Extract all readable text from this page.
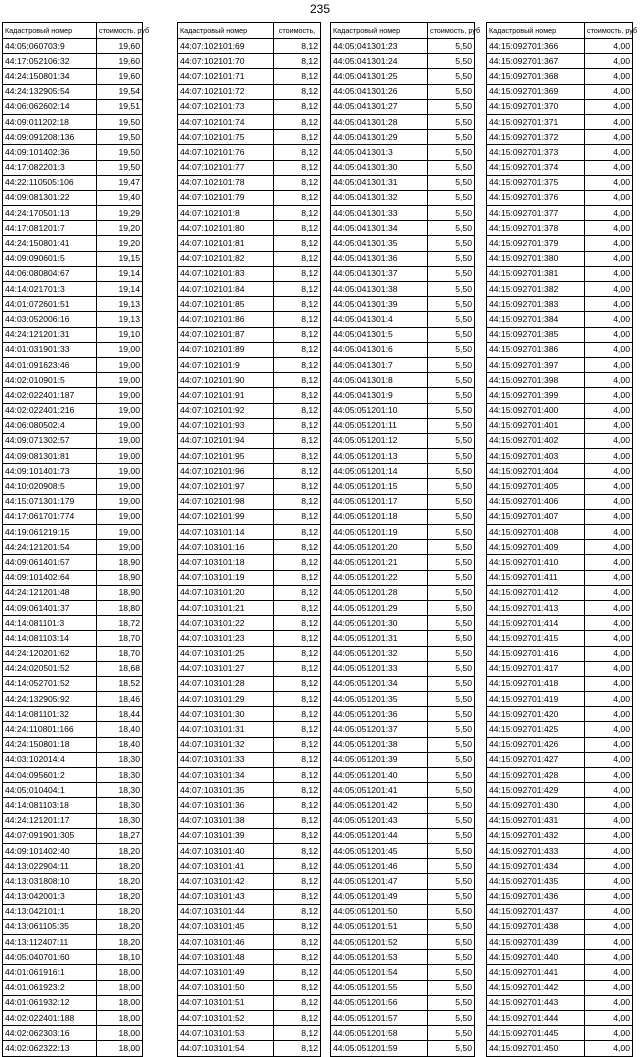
235
Кадастровый номер	стоимость, руб
44:05:060703:9	19,60
44:17:052106:32	19,60
44:24:150801:34	19,60
44:24:132905:54	19,54
44:06:062602:14	19,51
44:09:011202:18	19,50
44:09:091208:136	19,50
44:09:101402:36	19,50
44:17:082201:3	19,50
44:22:110505:106	19,47
44:09:081301:22	19,40
44:24:170501:13	19,29
44:17:081201:7	19,20
44:24:150801:41	19,20
44:09:090601:5	19,15
44:06:080804:67	19,14
44:14:021701:3	19,14
44:01:072601:51	19,13
44:03:052006:16	19,13
44:24:121201:31	19,10
44:01:031901:33	19,00
44:01:091623:46	19,00
44:02:010901:5	19,00
44:02:022401:187	19,00
44:02:022401:216	19,00
44:06:080502:4	19,00
44:09:071302:57	19,00
44:09:081301:81	19,00
44:09:101401:73	19,00
44:10:020908:5	19,00
44:15:071301:179	19,00
44:17:061701:774	19,00
44:19:061219:15	19,00
44:24:121201:54	19,00
44:09:061401:57	18,90
44:09:101402:64	18,90
44:24:121201:48	18,90
44:09:061401:37	18,80
44:14:081101:3	18,72
44:14:081103:14	18,70
44:24:120201:62	18,70
44:24:020501:52	18,68
44:14:052701:52	18,52
44:24:132905:92	18,46
44:14:081101:32	18,44
44:24:110801:166	18,40
44:24:150801:18	18,40
44:03:102014:4	18,30
44:04:095601:2	18,30
44:05:010404:1	18,30
44:14:081103:18	18,30
44:24:121201:17	18,30
44:07:091901:305	18,27
44:09:101402:40	18,20
44:13:022904:11	18,20
44:13:031808:10	18,20
44:13:042001:3	18,20
44:13:042101:1	18,20
44:13:061105:35	18,20
44:13:112407:11	18,20
44:05:040701:60	18,10
44:01:061916:1	18,00
44:01:061923:2	18,00
44:01:061932:12	18,00
44:02:022401:188	18,00
44:02:062303:16	18,00
44:02:062322:13	18,00
Кадастровый номер	стоимость,
44:07:102101:69	8,12
44:07:102101:70	8,12
44:07:102101:71	8,12
44:07:102101:72	8,12
44:07:102101:73	8,12
44:07:102101:74	8,12
44:07:102101:75	8,12
44:07:102101:76	8,12
44:07:102101:77	8,12
44:07:102101:78	8,12
44:07:102101:79	8,12
44:07:102101:8	8,12
44:07:102101:80	8,12
44:07:102101:81	8,12
44:07:102101:82	8,12
44:07:102101:83	8,12
44:07:102101:84	8,12
44:07:102101:85	8,12
44:07:102101:86	8,12
44:07:102101:87	8,12
44:07:102101:89	8,12
44:07:102101:9	8,12
44:07:102101:90	8,12
44:07:102101:91	8,12
44:07:102101:92	8,12
44:07:102101:93	8,12
44:07:102101:94	8,12
44:07:102101:95	8,12
44:07:102101:96	8,12
44:07:102101:97	8,12
44:07:102101:98	8,12
44:07:102101:99	8,12
44:07:103101:14	8,12
44:07:103101:16	8,12
44:07:103101:18	8,12
44:07:103101:19	8,12
44:07:103101:20	8,12
44:07:103101:21	8,12
44:07:103101:22	8,12
44:07:103101:23	8,12
44:07:103101:25	8,12
44:07:103101:27	8,12
44:07:103101:28	8,12
44:07:103101:29	8,12
44:07:103101:30	8,12
44:07:103101:31	8,12
44:07:103101:32	8,12
44:07:103101:33	8,12
44:07:103101:34	8,12
44:07:103101:35	8,12
44:07:103101:36	8,12
44:07:103101:38	8,12
44:07:103101:39	8,12
44:07:103101:40	8,12
44:07:103101:41	8,12
44:07:103101:42	8,12
44:07:103101:43	8,12
44:07:103101:44	8,12
44:07:103101:45	8,12
44:07:103101:46	8,12
44:07:103101:48	8,12
44:07:103101:49	8,12
44:07:103101:50	8,12
44:07:103101:51	8,12
44:07:103101:52	8,12
44:07:103101:53	8,12
44:07:103101:54	8,12
Кадастровый номер	стоимость, руб
44:05:041301:23	5,50
44:05:041301:24	5,50
44:05:041301:25	5,50
44:05:041301:26	5,50
44:05:041301:27	5,50
44:05:041301:28	5,50
44:05:041301:29	5,50
44:05:041301:3	5,50
44:05:041301:30	5,50
44:05:041301:31	5,50
44:05:041301:32	5,50
44:05:041301:33	5,50
44:05:041301:34	5,50
44:05:041301:35	5,50
44:05:041301:36	5,50
44:05:041301:37	5,50
44:05:041301:38	5,50
44:05:041301:39	5,50
44:05:041301:4	5,50
44:05:041301:5	5,50
44:05:041301:6	5,50
44:05:041301:7	5,50
44:05:041301:8	5,50
44:05:041301:9	5,50
44:05:051201:10	5,50
44:05:051201:11	5,50
44:05:051201:12	5,50
44:05:051201:13	5,50
44:05:051201:14	5,50
44:05:051201:15	5,50
44:05:051201:17	5,50
44:05:051201:18	5,50
44:05:051201:19	5,50
44:05:051201:20	5,50
44:05:051201:21	5,50
44:05:051201:22	5,50
44:05:051201:28	5,50
44:05:051201:29	5,50
44:05:051201:30	5,50
44:05:051201:31	5,50
44:05:051201:32	5,50
44:05:051201:33	5,50
44:05:051201:34	5,50
44:05:051201:35	5,50
44:05:051201:36	5,50
44:05:051201:37	5,50
44:05:051201:38	5,50
44:05:051201:39	5,50
44:05:051201:40	5,50
44:05:051201:41	5,50
44:05:051201:42	5,50
44:05:051201:43	5,50
44:05:051201:44	5,50
44:05:051201:45	5,50
44:05:051201:46	5,50
44:05:051201:47	5,50
44:05:051201:49	5,50
44:05:051201:50	5,50
44:05:051201:51	5,50
44:05:051201:52	5,50
44:05:051201:53	5,50
44:05:051201:54	5,50
44:05:051201:55	5,50
44:05:051201:56	5,50
44:05:051201:57	5,50
44:05:051201:58	5,50
44:05:051201:59	5,50
Кадастровый номер	стоимость, руб
44:15:092701:366	4,00
44:15:092701:367	4,00
44:15:092701:368	4,00
44:15:092701:369	4,00
44:15:092701:370	4,00
44:15:092701:371	4,00
44:15:092701:372	4,00
44:15:092701:373	4,00
44:15:092701:374	4,00
44:15:092701:375	4,00
44:15:092701:376	4,00
44:15:092701:377	4,00
44:15:092701:378	4,00
44:15:092701:379	4,00
44:15:092701:380	4,00
44:15:092701:381	4,00
44:15:092701:382	4,00
44:15:092701:383	4,00
44:15:092701:384	4,00
44:15:092701:385	4,00
44:15:092701:386	4,00
44:15:092701:397	4,00
44:15:092701:398	4,00
44:15:092701:399	4,00
44:15:092701:400	4,00
44:15:092701:401	4,00
44:15:092701:402	4,00
44:15:092701:403	4,00
44:15:092701:404	4,00
44:15:092701:405	4,00
44:15:092701:406	4,00
44:15:092701:407	4,00
44:15:092701:408	4,00
44:15:092701:409	4,00
44:15:092701:410	4,00
44:15:092701:411	4,00
44:15:092701:412	4,00
44:15:092701:413	4,00
44:15:092701:414	4,00
44:15:092701:415	4,00
44:15:092701:416	4,00
44:15:092701:417	4,00
44:15:092701:418	4,00
44:15:092701:419	4,00
44:15:092701:420	4,00
44:15:092701:425	4,00
44:15:092701:426	4,00
44:15:092701:427	4,00
44:15:092701:428	4,00
44:15:092701:429	4,00
44:15:092701:430	4,00
44:15:092701:431	4,00
44:15:092701:432	4,00
44:15:092701:433	4,00
44:15:092701:434	4,00
44:15:092701:435	4,00
44:15:092701:436	4,00
44:15:092701:437	4,00
44:15:092701:438	4,00
44:15:092701:439	4,00
44:15:092701:440	4,00
44:15:092701:441	4,00
44:15:092701:442	4,00
44:15:092701:443	4,00
44:15:092701:444	4,00
44:15:092701:445	4,00
44:15:092701:450	4,00
